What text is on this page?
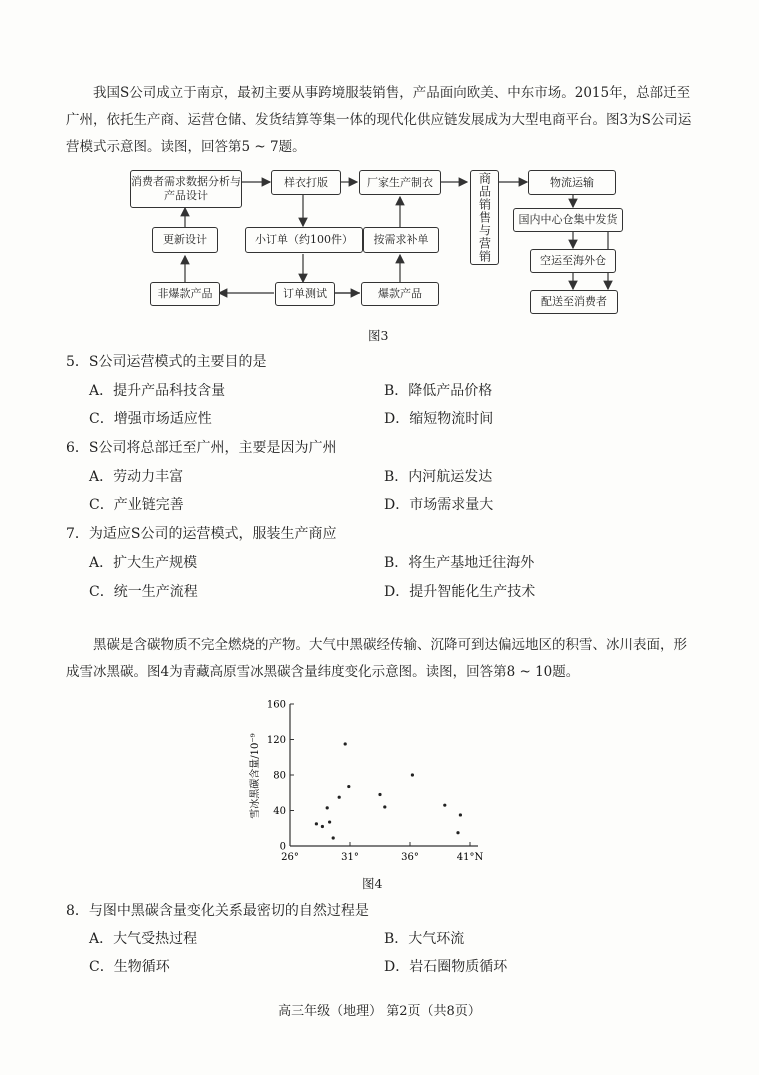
我国S公司成立于南京，最初主要从事跨境服装销售，产品面向欧美、中东市场。2015年，总部迁至广州，依托生产商、运营仓储、发货结算等集一体的现代化供应链发展成为大型电商平台。图3为S公司运营模式示意图。读图，回答第5 ~ 7题。

消费者需求数据分析与产品设计
样衣打版	厂家生产制衣	商品销售与营销	物流运输
更新设计	小订单（约100件）	按需求补单
国内中心仓集中发货
空运至海外仓
非爆款产品	订单测试	爆款产品
配送至消费者
图3
5．S公司运营模式的主要目的是
A．提升产品科技含量	B．降低产品价格
C．增强市场适应性	D．缩短物流时间
6．S公司将总部迁至广州，主要是因为广州
A．劳动力丰富	B．内河航运发达
C．产业链完善	D．市场需求量大
7．为适应S公司的运营模式，服装生产商应
A．扩大生产规模	B．将生产基地迁往海外
C．统一生产流程	D．提升智能化生产技术

黑碳是含碳物质不完全燃烧的产物。大气中黑碳经传输、沉降可到达偏远地区的积雪、冰川表面，形成雪冰黑碳。图4为青藏高原雪冰黑碳含量纬度变化示意图。读图，回答第8 ~ 10题。

雪冰黑碳含量/10⁻⁹
0
40
80
120
160
26°	31°	36°	41°N
图4
8．与图中黑碳含量变化关系最密切的自然过程是
A．大气受热过程	B．大气环流
C．生物循环	D．岩石圈物质循环
高三年级（地理） 第2页（共8页）
